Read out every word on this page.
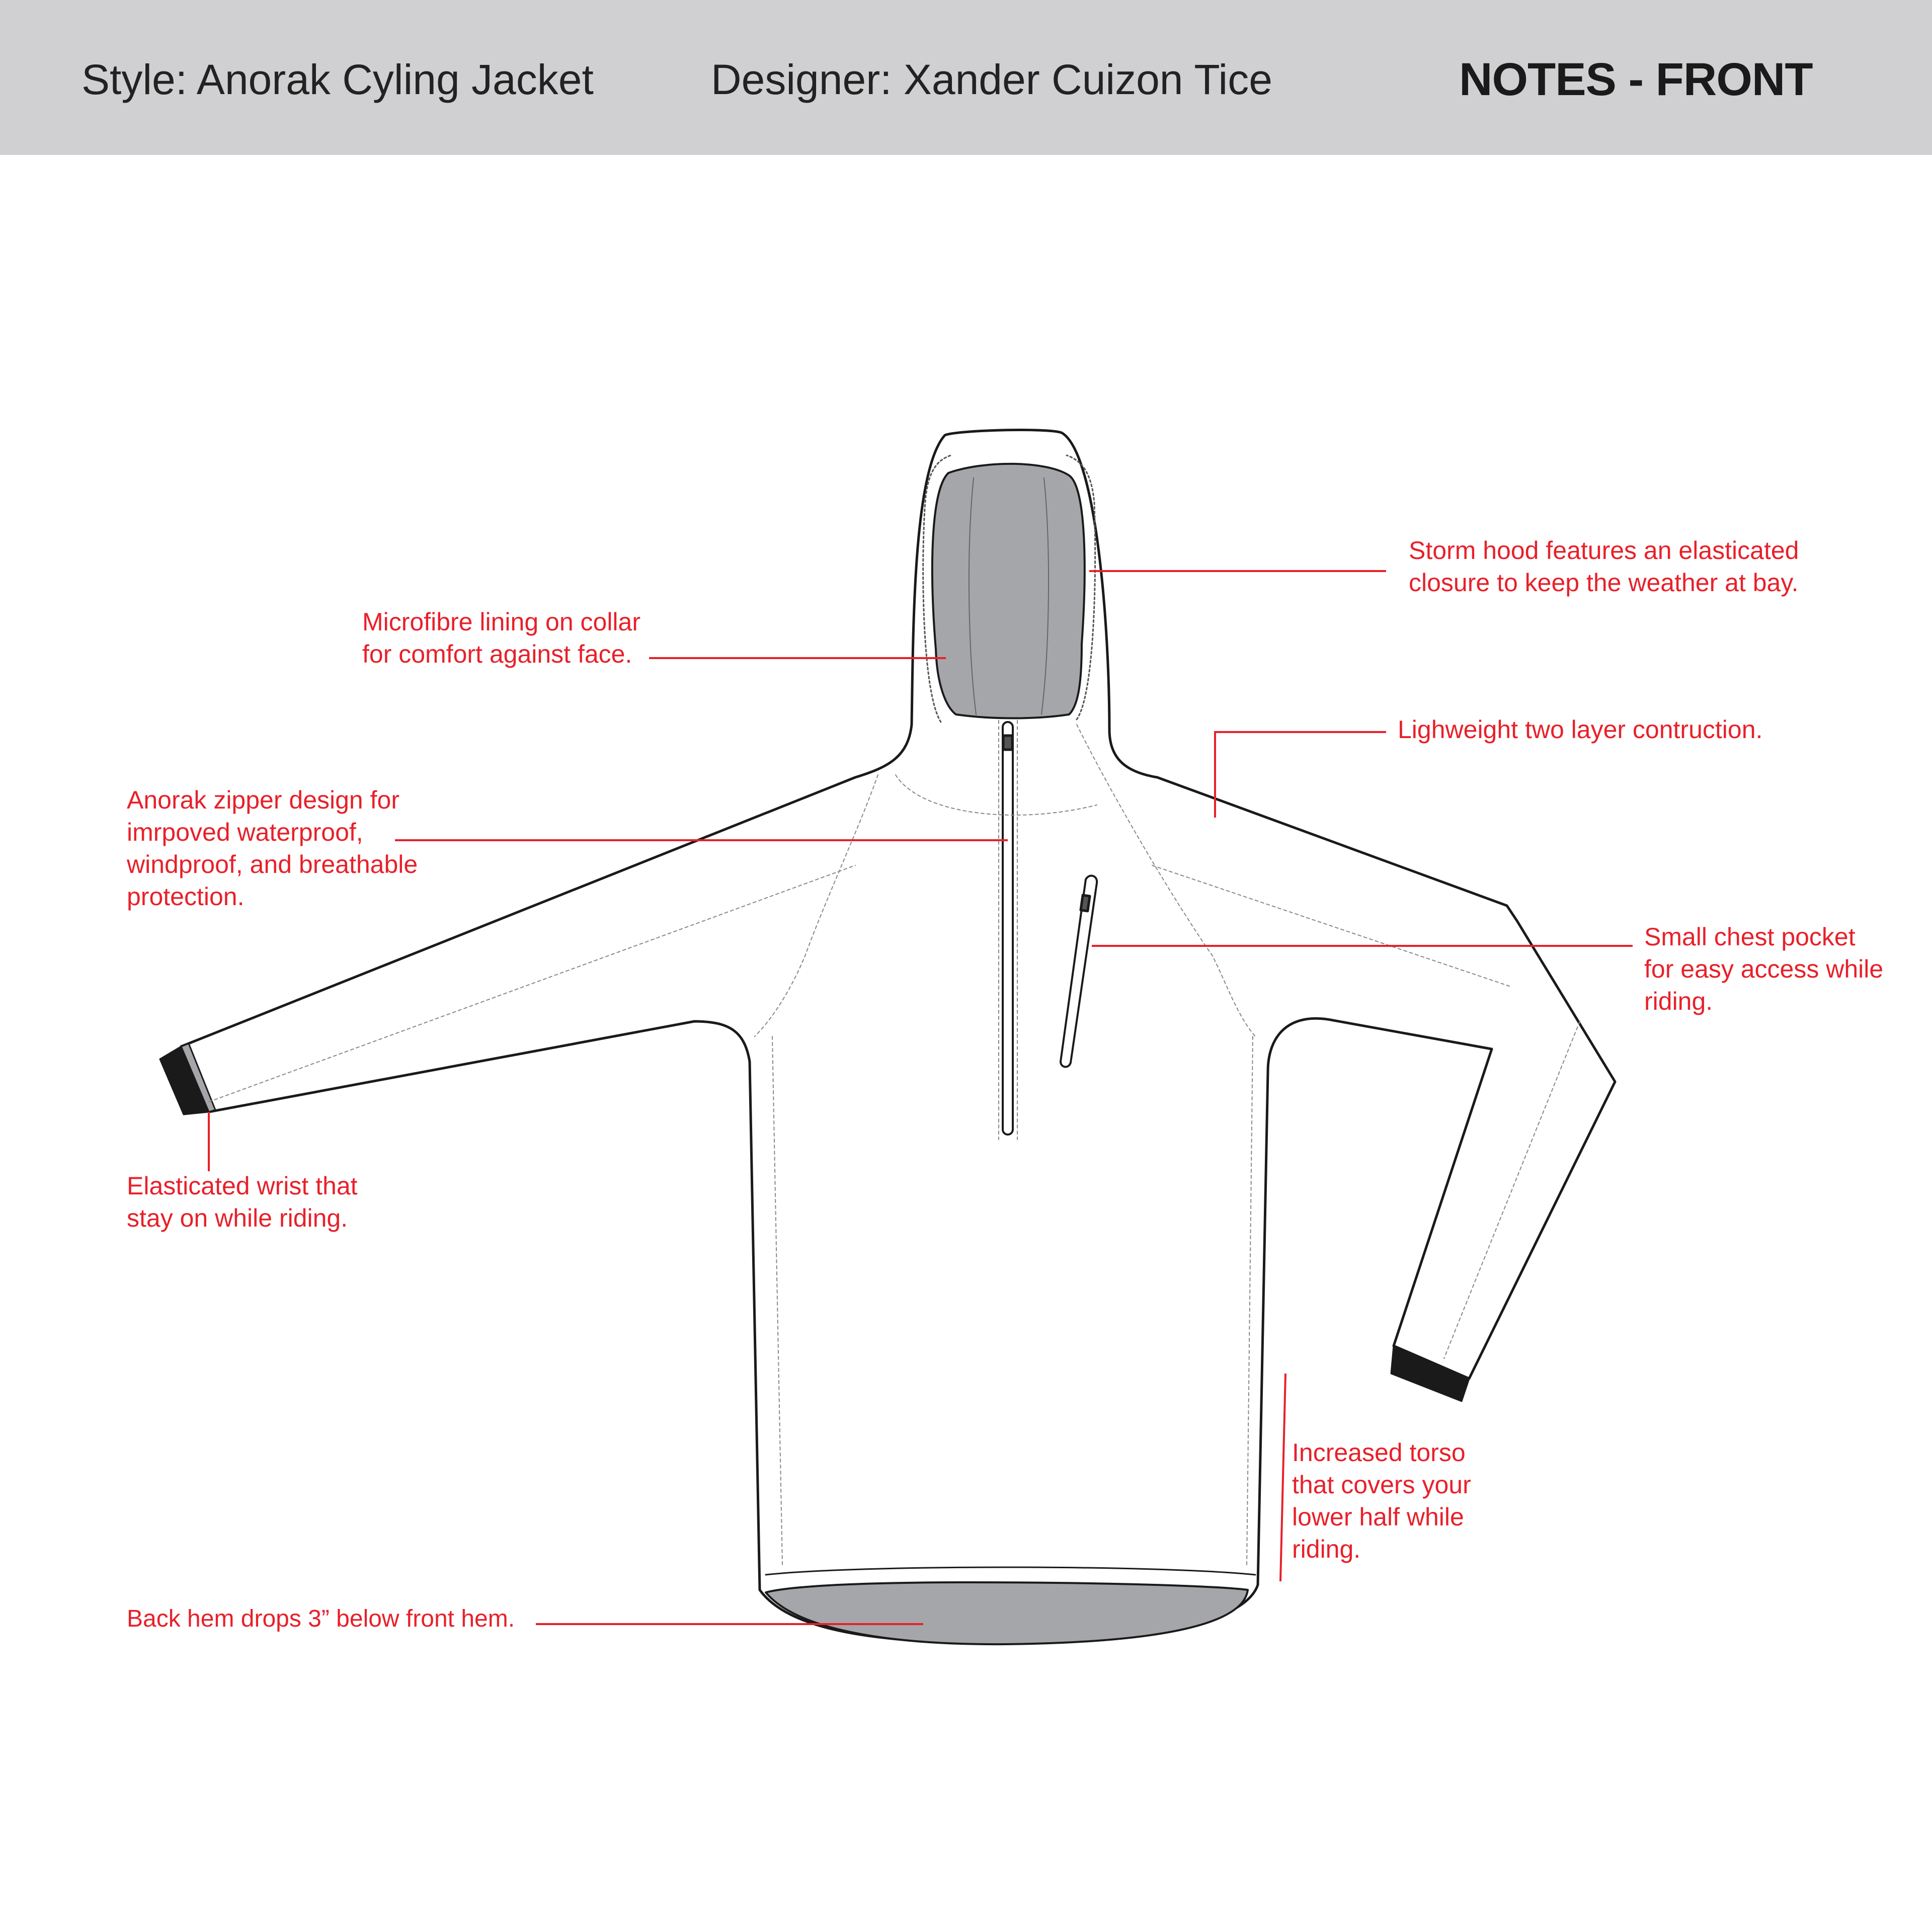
Style: Anorak Cyling Jacket	Designer: Xander Cuizon Tice	NOTES - FRONT
Storm hood features an elasticated
closure to keep the weather at bay.
Microfibre lining on collar
for comfort against face.
Lighweight two layer contruction.
Anorak zipper design for
imrpoved waterproof,
windproof, and breathable
protection.
Small chest pocket
for easy access while
riding.
Elasticated wrist that
stay on while riding.
Increased torso
that covers your
lower half while
riding.
Back hem drops 3” below front hem.
